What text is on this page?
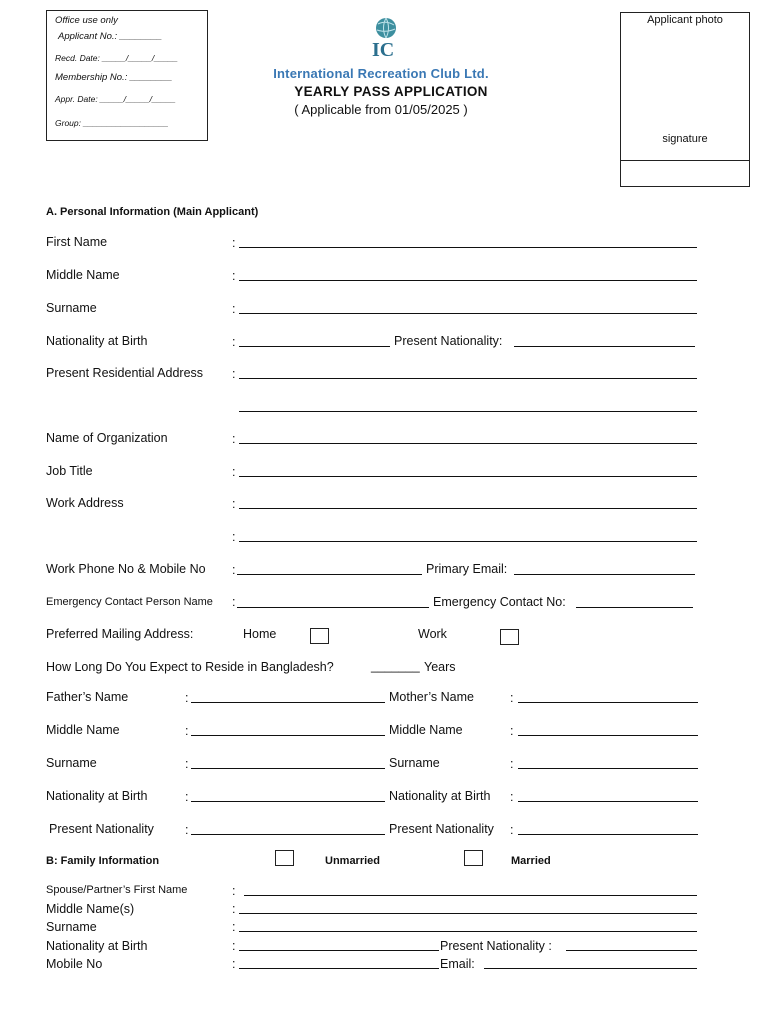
Office use only
Applicant No.: ________
Recd. Date: _____/_____/_____
Membership No.: ________
Appr. Date: _____/_____/_____
Group: __________________
IC
International Recreation Club Ltd.
YEARLY PASS APPLICATION
( Applicable from 01/05/2025 )
Applicant photo
signature
A. Personal Information (Main Applicant)
First Name	:
Middle Name	:
Surname	:
Nationality at Birth	:	Present Nationality:
Present Residential Address :
Name of Organization	:
Job Title	:
Work Address	:
:
Work Phone No & Mobile No :	Primary Email:
Emergency Contact Person Name :	Emergency Contact No:
Preferred Mailing Address:	Home	Work
How Long Do You Expect to Reside in Bangladesh?	_______ Years
Father’s Name	:	Mother’s Name	:
Middle Name	:	Middle Name	:
Surname	:	Surname	:
Nationality at Birth	:	Nationality at Birth :
Present Nationality :	Present Nationality :
B: Family Information	Unmarried	Married
Spouse/Partner’s First Name	:
Middle Name(s)	:
Surname	:
Nationality at Birth	:	Present Nationality :
Mobile No	:	Email:
